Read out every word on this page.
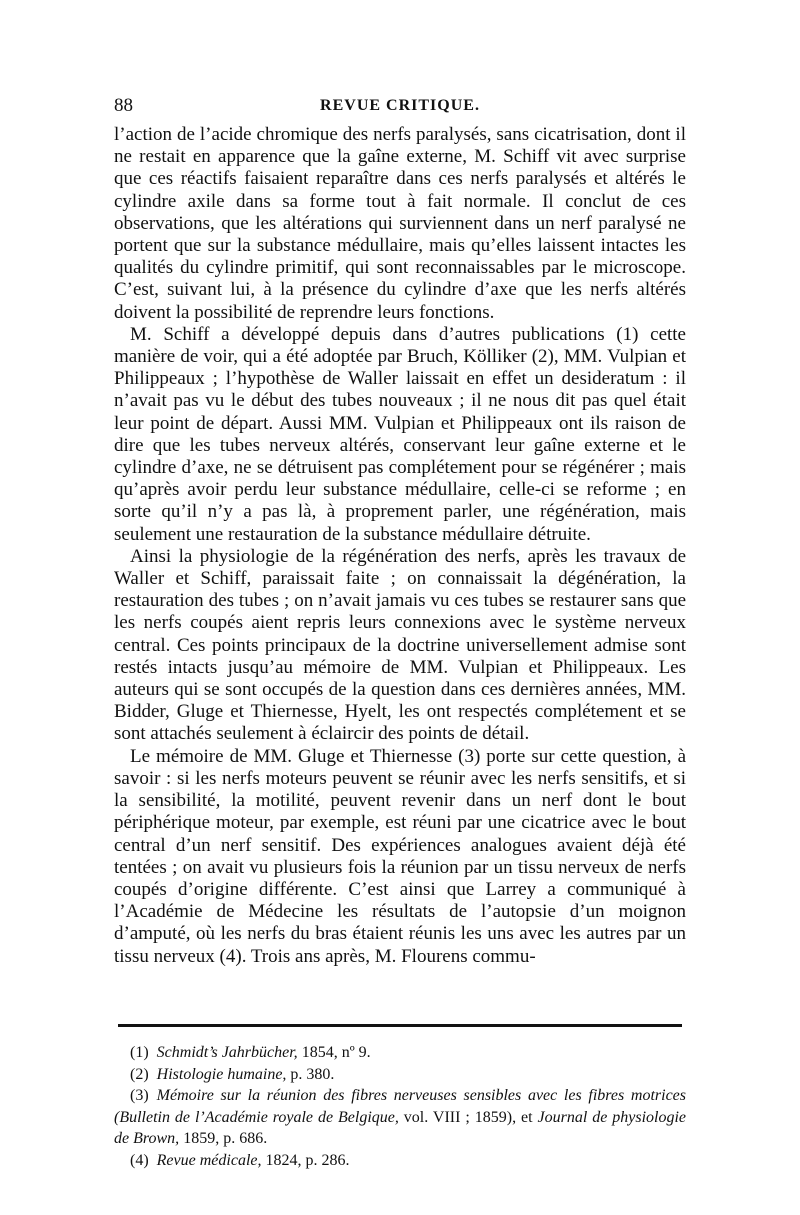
88	REVUE CRITIQUE.

l’action de l’acide chromique des nerfs paralysés, sans cicatrisation, dont il ne restait en apparence que la gaîne externe, M. Schiff vit avec surprise que ces réactifs faisaient reparaître dans ces nerfs paralysés et altérés le cylindre axile dans sa forme tout à fait normale. Il conclut de ces observations, que les altérations qui surviennent dans un nerf paralysé ne portent que sur la substance médullaire, mais qu’elles laissent intactes les qualités du cylindre primitif, qui sont reconnaissables par le microscope. C’est, suivant lui, à la présence du cylindre d’axe que les nerfs altérés doivent la possibilité de reprendre leurs fonctions.

M. Schiff a développé depuis dans d’autres publications (1) cette manière de voir, qui a été adoptée par Bruch, Kölliker (2), MM. Vulpian et Philippeaux ; l’hypothèse de Waller laissait en effet un desideratum : il n’avait pas vu le début des tubes nouveaux ; il ne nous dit pas quel était leur point de départ. Aussi MM. Vulpian et Philippeaux ont ils raison de dire que les tubes nerveux altérés, conservant leur gaîne externe et le cylindre d’axe, ne se détruisent pas complétement pour se régénérer ; mais qu’après avoir perdu leur substance médullaire, celle-ci se reforme ; en sorte qu’il n’y a pas là, à proprement parler, une régénération, mais seulement une restauration de la substance médullaire détruite.

Ainsi la physiologie de la régénération des nerfs, après les travaux de Waller et Schiff, paraissait faite ; on connaissait la dégénération, la restauration des tubes ; on n’avait jamais vu ces tubes se restaurer sans que les nerfs coupés aient repris leurs connexions avec le système nerveux central. Ces points principaux de la doctrine universellement admise sont restés intacts jusqu’au mémoire de MM. Vulpian et Philippeaux. Les auteurs qui se sont occupés de la question dans ces dernières années, MM. Bidder, Gluge et Thiernesse, Hyelt, les ont respectés complétement et se sont attachés seulement à éclaircir des points de détail.

Le mémoire de MM. Gluge et Thiernesse (3) porte sur cette question, à savoir : si les nerfs moteurs peuvent se réunir avec les nerfs sensitifs, et si la sensibilité, la motilité, peuvent revenir dans un nerf dont le bout périphérique moteur, par exemple, est réuni par une cicatrice avec le bout central d’un nerf sensitif. Des expériences analogues avaient déjà été tentées ; on avait vu plusieurs fois la réunion par un tissu nerveux de nerfs coupés d’origine différente. C’est ainsi que Larrey a communiqué à l’Académie de Médecine les résultats de l’autopsie d’un moignon d’amputé, où les nerfs du bras étaient réunis les uns avec les autres par un tissu nerveux (4). Trois ans après, M. Flourens commu-

(1) Schmidt’s Jahrbücher, 1854, nº 9.

(2) Histologie humaine, p. 380.

(3) Mémoire sur la réunion des fibres nerveuses sensibles avec les fibres motrices (Bulletin de l’Académie royale de Belgique, vol. VIII ; 1859), et Journal de physiologie de Brown, 1859, p. 686.

(4) Revue médicale, 1824, p. 286.
